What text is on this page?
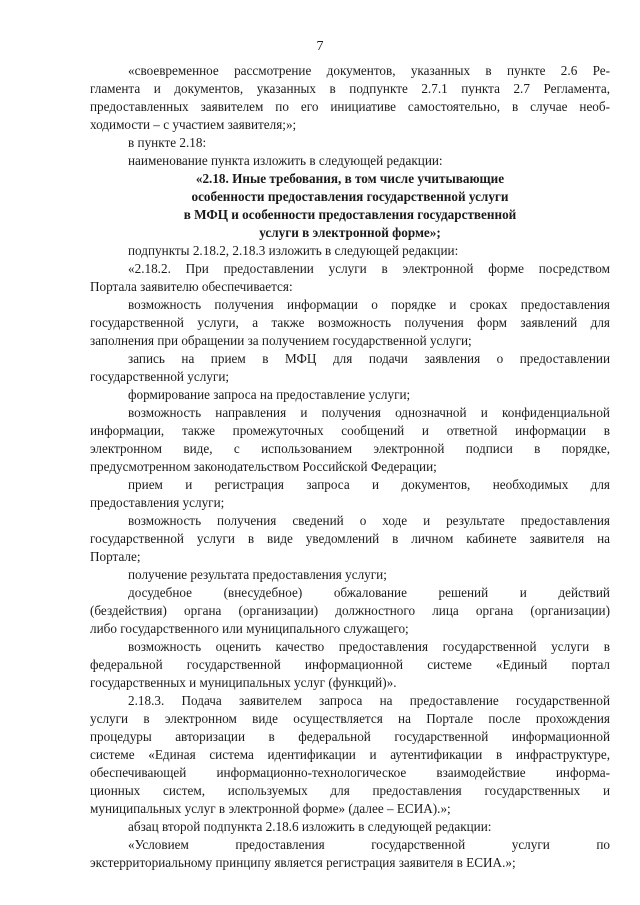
7
«своевременное рассмотрение документов, указанных в пункте 2.6 Ре-
гламента и документов, указанных в подпункте 2.7.1 пункта 2.7 Регламента,
предоставленных заявителем по его инициативе самостоятельно, в случае необ-
ходимости – с участием заявителя;»;
в пункте 2.18:
наименование пункта изложить в следующей редакции:
«2.18. Иные требования, в том числе учитывающие
особенности предоставления государственной услуги
в МФЦ и особенности предоставления государственной
услуги в электронной форме»;
подпункты 2.18.2, 2.18.3 изложить в следующей редакции:
«2.18.2. При предоставлении услуги в электронной форме посредством
Портала заявителю обеспечивается:
возможность получения информации о порядке и сроках предоставления
государственной услуги, а также возможность получения форм заявлений для
заполнения при обращении за получением государственной услуги;
запись на прием в МФЦ для подачи заявления о предоставлении
государственной услуги;
формирование запроса на предоставление услуги;
возможность направления и получения однозначной и конфиденциальной
информации, также промежуточных сообщений и ответной информации в
электронном виде, с использованием электронной подписи в порядке,
предусмотренном законодательством Российской Федерации;
прием и регистрация запроса и документов, необходимых для
предоставления услуги;
возможность получения сведений о ходе и результате предоставления
государственной услуги в виде уведомлений в личном кабинете заявителя на
Портале;
получение результата предоставления услуги;
досудебное (внесудебное) обжалование решений и действий
(бездействия) органа (организации) должностного лица органа (организации)
либо государственного или муниципального служащего;
возможность оценить качество предоставления государственной услуги в
федеральной государственной информационной системе «Единый портал
государственных и муниципальных услуг (функций)».
2.18.3. Подача заявителем запроса на предоставление государственной
услуги в электронном виде осуществляется на Портале после прохождения
процедуры авторизации в федеральной государственной информационной
системе «Единая система идентификации и аутентификации в инфраструктуре,
обеспечивающей информационно-технологическое взаимодействие информа-
ционных систем, используемых для предоставления государственных и
муниципальных услуг в электронной форме» (далее – ЕСИА).»;
абзац второй подпункта 2.18.6 изложить в следующей редакции:
«Условием предоставления государственной услуги по
экстерриториальному принципу является регистрация заявителя в ЕСИА.»;
